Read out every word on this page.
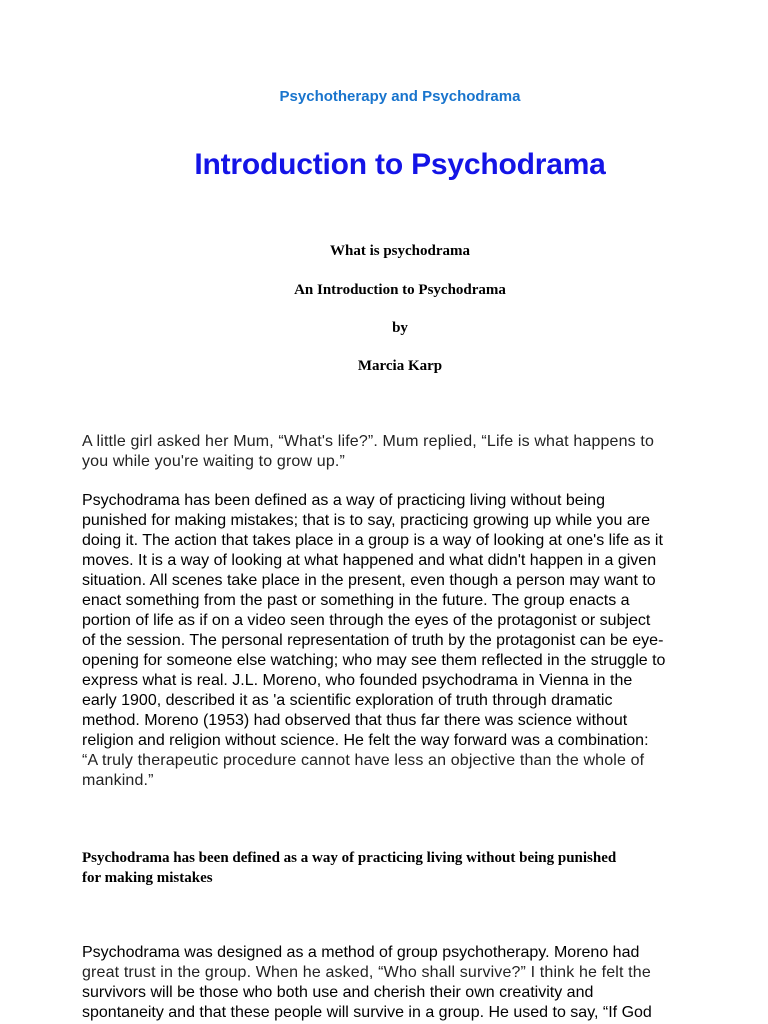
Psychotherapy and Psychodrama
Introduction to Psychodrama
What is psychodrama
An Introduction to Psychodrama
by
Marcia Karp
A little girl asked her Mum, “What's life?”. Mum replied, “Life is what happens to
you while you're waiting to grow up.”
Psychodrama has been defined as a way of practicing living without being
punished for making mistakes; that is to say, practicing growing up while you are
doing it. The action that takes place in a group is a way of looking at one's life as it
moves. It is a way of looking at what happened and what didn't happen in a given
situation. All scenes take place in the present, even though a person may want to
enact something from the past or something in the future. The group enacts a
portion of life as if on a video seen through the eyes of the protagonist or subject
of the session. The personal representation of truth by the protagonist can be eye-
opening for someone else watching; who may see them reflected in the struggle to
express what is real. J.L. Moreno, who founded psychodrama in Vienna in the
early 1900, described it as 'a scientific exploration of truth through dramatic
method. Moreno (1953) had observed that thus far there was science without
religion and religion without science. He felt the way forward was a combination:
“A truly therapeutic procedure cannot have less an objective than the whole of
mankind.”
Psychodrama has been defined as a way of practicing living without being punished
for making mistakes
Psychodrama was designed as a method of group psychotherapy. Moreno had
great trust in the group. When he asked, “Who shall survive?” I think he felt the
survivors will be those who both use and cherish their own creativity and
spontaneity and that these people will survive in a group. He used to say, “If God
